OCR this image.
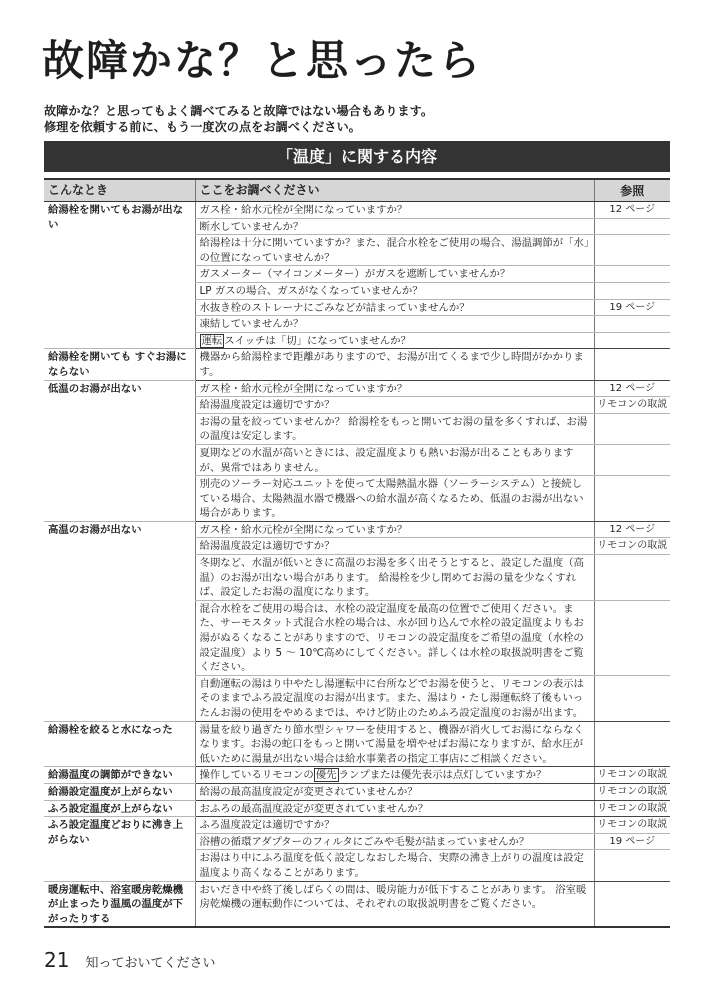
故障かな？と思ったら
故障かな？と思ってもよく調べてみると故障ではない場合もあります。
修理を依頼する前に、もう一度次の点をお調べください。
「温度」に関する内容
こんなとき	ここをお調べください	参照
給湯栓を開いてもお湯が出ない	ガス栓・給水元栓が全開になっていますか？	12 ページ
	断水していませんか？	
	給湯栓は十分に開いていますか？また、混合水栓をご使用の場合、湯温調節が「水」の位置になっていませんか？	
	ガスメーター（マイコンメーター）がガスを遮断していませんか？	
	LP ガスの場合、ガスがなくなっていませんか？	
	水抜き栓のストレーナにごみなどが詰まっていませんか？	19 ページ
	凍結していませんか？	
	運転 スイッチは「切」になっていませんか？	
給湯栓を開いても すぐお湯にならない	機器から給湯栓まで距離がありますので、お湯が出てくるまで少し時間がかかります。	
低温のお湯が出ない	ガス栓・給水元栓が全開になっていますか？	12 ページ
	給湯温度設定は適切ですか？	リモコンの取説
	お湯の量を絞っていませんか？ 給湯栓をもっと開いてお湯の量を多くすれば、お湯の温度は安定します。	
	夏期などの水温が高いときには、設定温度よりも熱いお湯が出ることもありますが、異常ではありません。	
	別売のソーラー対応ユニットを使って太陽熱温水器（ソーラーシステム）と接続している場合、太陽熱温水器で機器への給水温が高くなるため、低温のお湯が出ない場合があります。	
高温のお湯が出ない	ガス栓・給水元栓が全開になっていますか？	12 ページ
	給湯温度設定は適切ですか？	リモコンの取説
	冬期など、水温が低いときに高温のお湯を多く出そうとすると、設定した温度（高温）のお湯が出ない場合があります。 給湯栓を少し閉めてお湯の量を少なくすれば、設定したお湯の温度になります。	
	混合水栓をご使用の場合は、水栓の設定温度を最高の位置でご使用ください。また、サーモスタット式混合水栓の場合は、水が回り込んで水栓の設定温度よりもお湯がぬるくなることがありますので、リモコンの設定温度をご希望の温度（水栓の設定温度）より 5 ～ 10℃高めにしてください。詳しくは水栓の取扱説明書をご覧ください。	
	自動運転の湯はり中やたし湯運転中に台所などでお湯を使うと、リモコンの表示はそのままでふろ設定温度のお湯が出ます。また、湯はり・たし湯運転終了後もいったんお湯の使用をやめるまでは、やけど防止のためふろ設定温度のお湯が出ます。	
給湯栓を絞ると水になった	湯量を絞り過ぎたり節水型シャワーを使用すると、機器が消火してお湯にならなくなります。お湯の蛇口をもっと開いて湯量を増やせばお湯になりますが、給水圧が低いために湯量が出ない場合は給水事業者の指定工事店にご相談ください。	
給湯温度の調節ができない	操作しているリモコンの 優先 ランプまたは優先表示は点灯していますか？	リモコンの取説
給湯設定温度が上がらない	給湯の最高温度設定が変更されていませんか？	リモコンの取説
ふろ設定温度が上がらない	おふろの最高温度設定が変更されていませんか？	リモコンの取説
ふろ設定温度どおりに沸き上がらない	ふろ温度設定は適切ですか？	リモコンの取説
	浴槽の循環アダプターのフィルタにごみや毛髪が詰まっていませんか？	19 ページ
	お湯はり中にふろ温度を低く設定しなおした場合、実際の沸き上がりの温度は設定温度より高くなることがあります。	
暖房運転中、浴室暖房乾燥機が止まったり温風の温度が下がったりする	おいだき中や終了後しばらくの間は、暖房能力が低下することがあります。 浴室暖房乾燥機の運転動作については、それぞれの取扱説明書をご覧ください。	
21 知っておいてください
